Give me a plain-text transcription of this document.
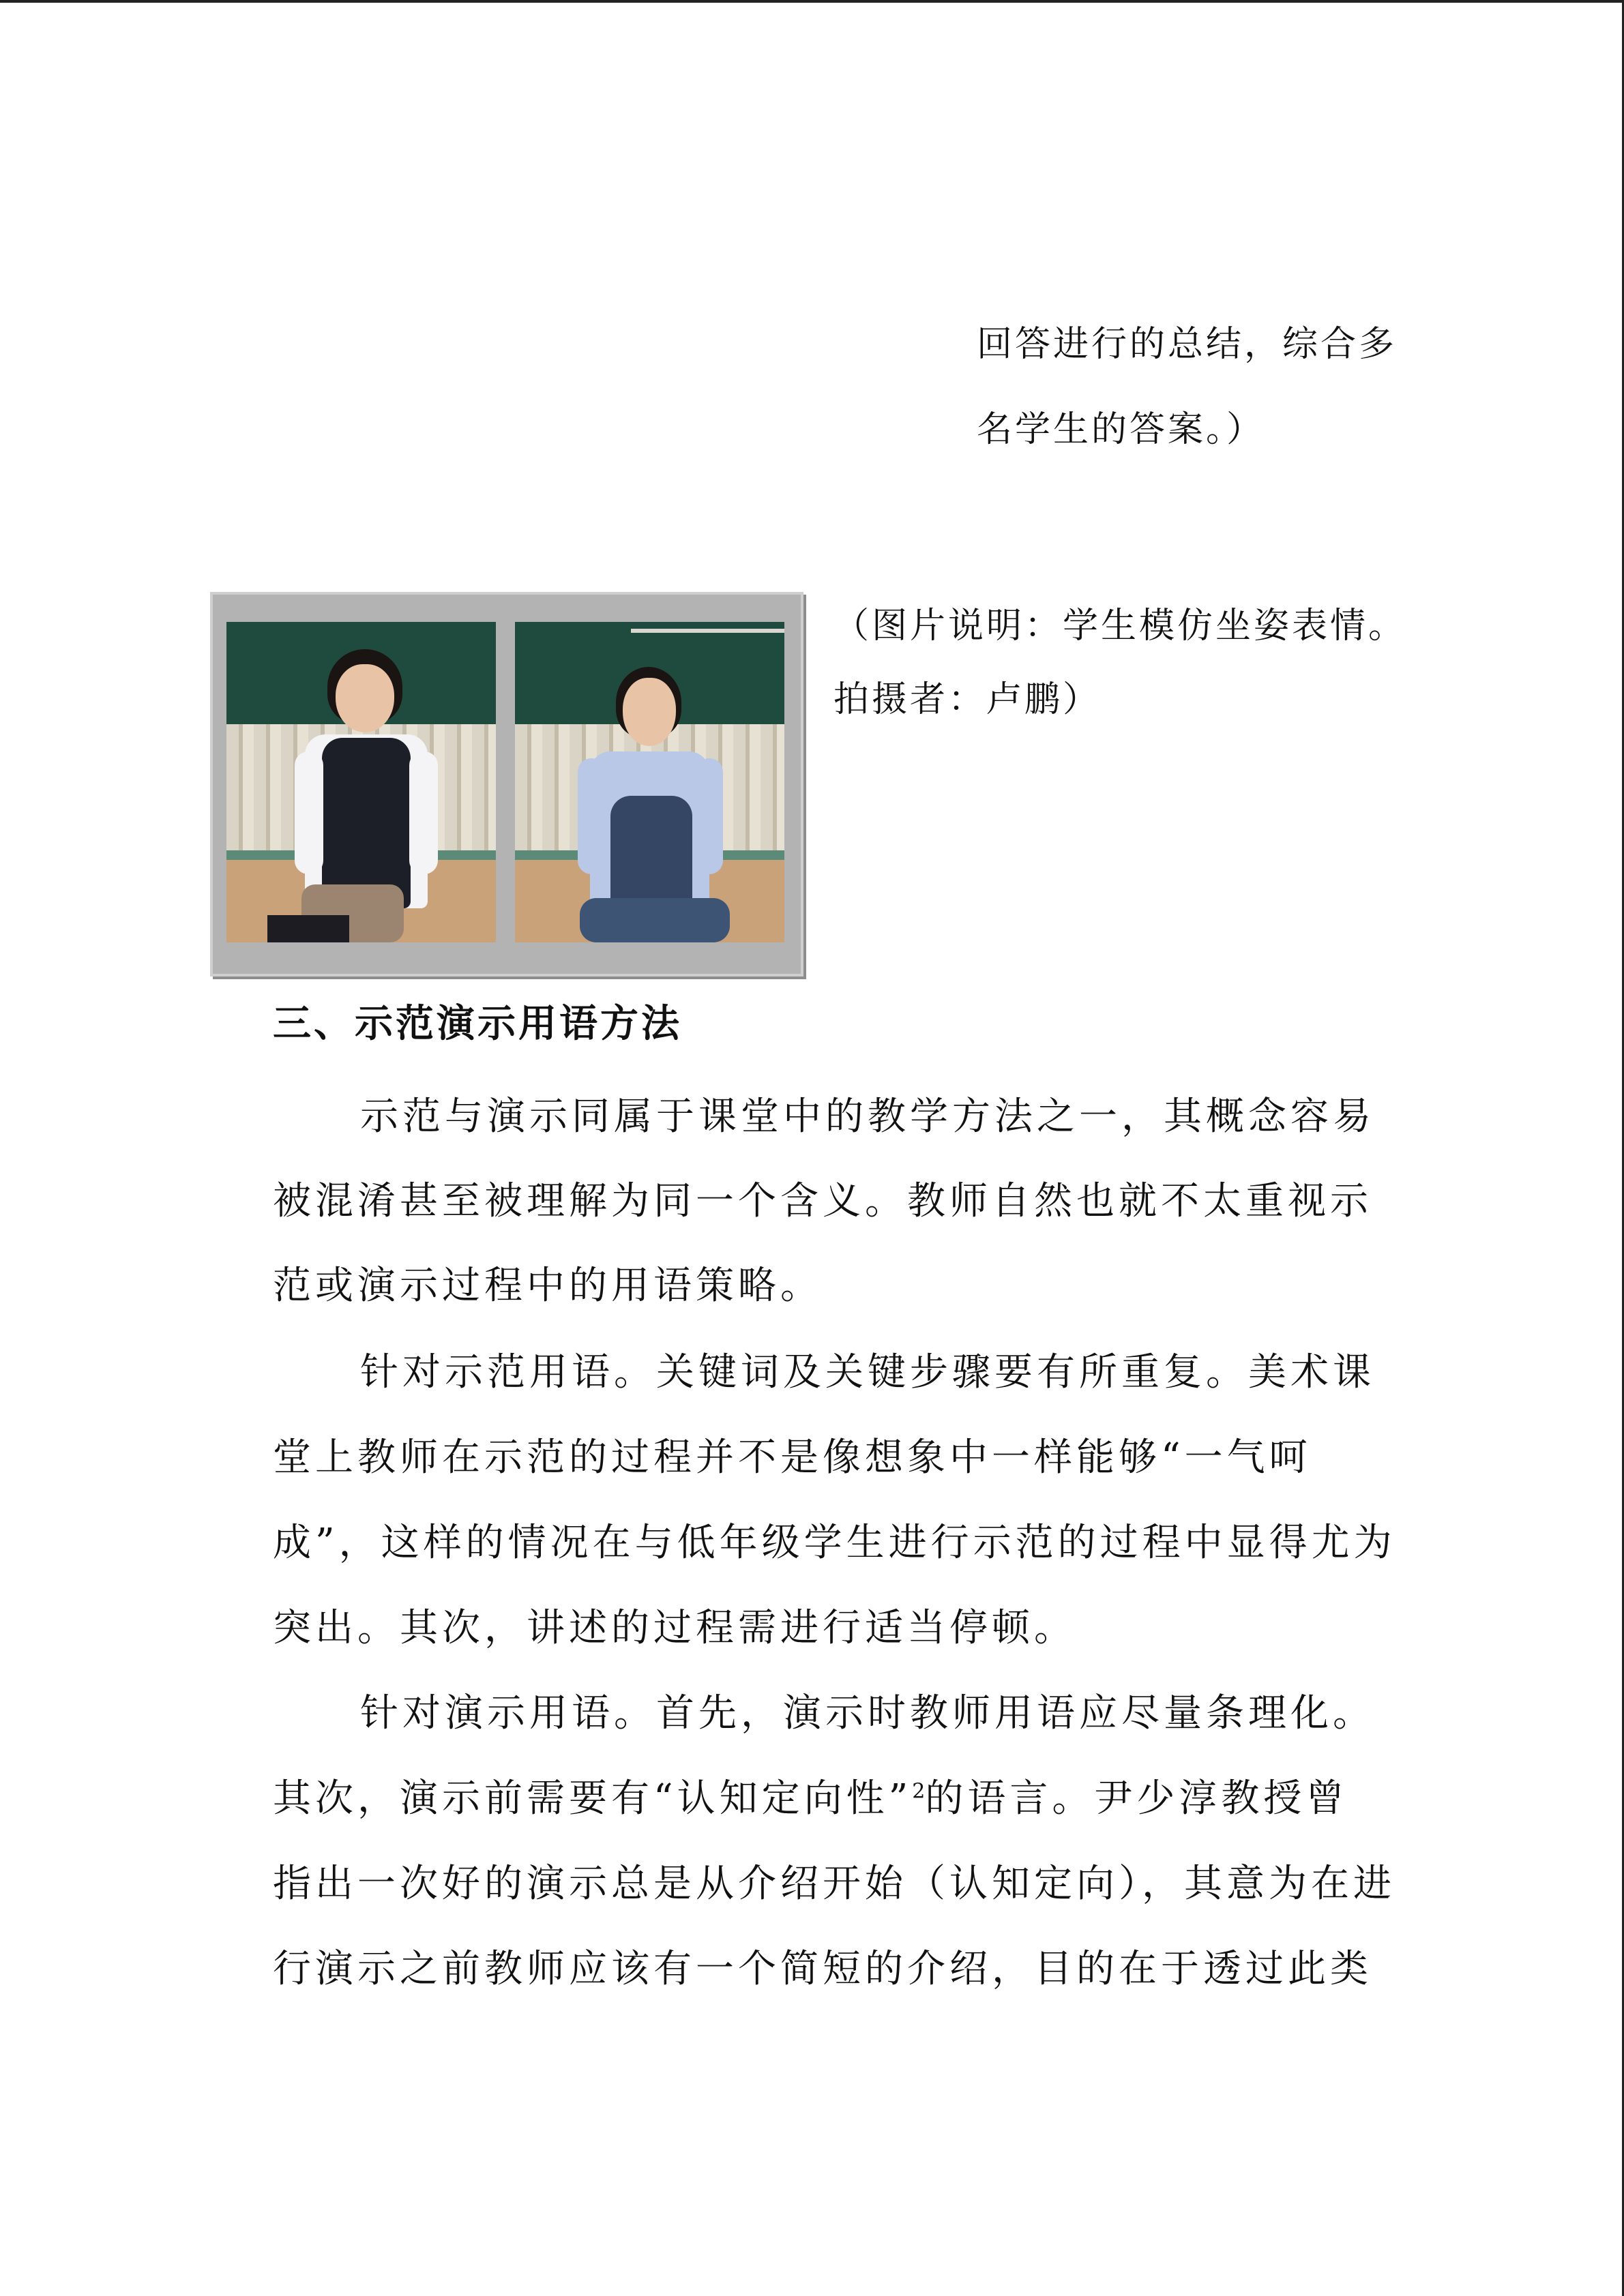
回答进行的总结，综合多
名学生的答案。）
（图片说明：学生模仿坐姿表情。
拍摄者：卢鹏）
三、示范演示用语方法
示范与演示同属于课堂中的教学方法之一，其概念容易
被混淆甚至被理解为同一个含义。教师自然也就不太重视示
范或演示过程中的用语策略。
针对示范用语。关键词及关键步骤要有所重复。美术课
堂上教师在示范的过程并不是像想象中一样能够“一气呵
成”，这样的情况在与低年级学生进行示范的过程中显得尤为
突出。其次，讲述的过程需进行适当停顿。
针对演示用语。首先，演示时教师用语应尽量条理化。
其次，演示前需要有“认知定向性”$^2$的语言。尹少淳教授曾
指出一次好的演示总是从介绍开始（认知定向），其意为在进
行演示之前教师应该有一个简短的介绍，目的在于透过此类
